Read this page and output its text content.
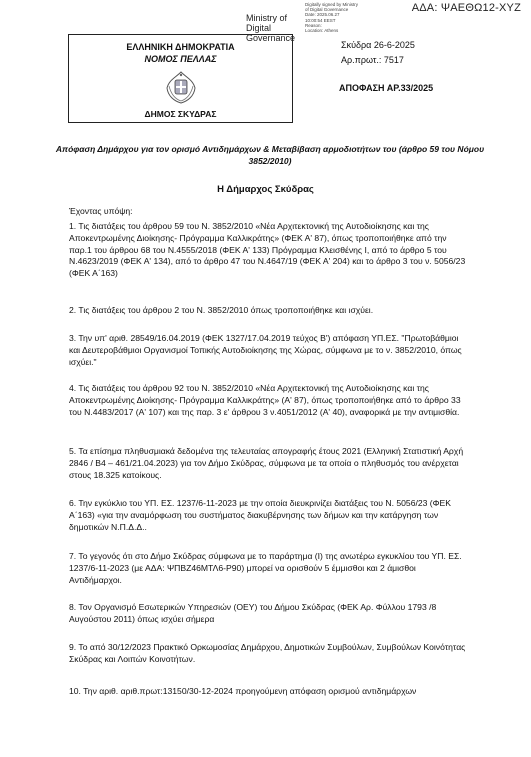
Ministry of
Digital
Governance
Digitally signed by Ministry
of Digital Governance
Date: 2025.06.27
10:00:54 EEST
Reason:
Location: Athens
ΑΔΑ: ΨΑΕΘΩ12-ΧΥΖ
ΕΛΛΗΝΙΚΗ ΔΗΜΟΚΡΑΤΙΑ
ΝΟΜΟΣ ΠΕΛΛΑΣ
ΔΗΜΟΣ ΣΚΥΔΡΑΣ
Σκύδρα 26-6-2025
Αρ.πρωτ.: 7517
ΑΠΟΦΑΣΗ ΑΡ.33/2025
Απόφαση Δημάρχου για τον ορισμό Αντιδημάρχων & Μεταβίβαση αρμοδιοτήτων του (άρθρο 59 του Νόμου 3852/2010)
Η Δήμαρχος Σκύδρας
Έχοντας υπόψη:
1. Τις διατάξεις του άρθρου 59 του Ν. 3852/2010 «Νέα Αρχιτεκτονική της Αυτοδιοίκησης και της Αποκεντρωμένης Διοίκησης- Πρόγραμμα Καλλικράτης» (ΦΕΚ Α' 87), όπως τροποποιήθηκε από την παρ.1 του άρθρου 68 του Ν.4555/2018 (ΦΕΚ Α' 133) Πρόγραμμα Κλεισθένης Ι, από το άρθρο 5 του Ν.4623/2019 (ΦΕΚ Α' 134), από το άρθρο 47 του Ν.4647/19 (ΦΕΚ Α' 204) και το άρθρο 3 του ν. 5056/23 (ΦΕΚ Α΄163)
2. Τις διατάξεις του άρθρου 2 του Ν. 3852/2010 όπως τροποποιήθηκε και ισχύει.
3. Την υπ' αριθ. 28549/16.04.2019 (ΦΕΚ 1327/17.04.2019 τεύχος Β') απόφαση ΥΠ.ΕΣ. "Πρωτοβάθμιοι και Δευτεροβάθμιοι Οργανισμοί Τοπικής Αυτοδιοίκησης της Χώρας, σύμφωνα με το ν. 3852/2010, όπως ισχύει."
4. Τις διατάξεις του άρθρου 92 του Ν. 3852/2010 «Νέα Αρχιτεκτονική της Αυτοδιοίκησης και της Αποκεντρωμένης Διοίκησης- Πρόγραμμα Καλλικράτης» (Α' 87), όπως τροποποιήθηκε από το άρθρο 33 του Ν.4483/2017 (Α' 107) και της παρ. 3 ε' άρθρου 3 ν.4051/2012 (Α' 40), αναφορικά με την αντιμισθία.
5. Τα επίσημα πληθυσμιακά δεδομένα της τελευταίας απογραφής έτους 2021 (Ελληνική Στατιστική Αρχή 2846 / Β4 – 461/21.04.2023) για τον Δήμο Σκύδρας, σύμφωνα με τα οποία ο πληθυσμός του ανέρχεται στους 18.325 κατοίκους.
6. Την εγκύκλιο του ΥΠ. ΕΣ. 1237/6-11-2023 με την οποία διευκρινίζει διατάξεις του Ν. 5056/23 (ΦΕΚ Α΄163) «για την αναμόρφωση του συστήματος διακυβέρνησης των δήμων και την κατάργηση των δημοτικών Ν.Π.Δ.Δ..
7. Το γεγονός ότι στο Δήμο Σκύδρας σύμφωνα με το παράρτημα (Ι) της ανωτέρω εγκυκλίου του ΥΠ. ΕΣ. 1237/6-11-2023 (με ΑΔΑ: ΨΠΒΖ46ΜΤΛ6-Ρ90) μπορεί να ορισθούν 5 έμμισθοι και 2 άμισθοι Αντιδήμαρχοι.
8. Τον Οργανισμό Εσωτερικών Υπηρεσιών (ΟΕΥ) του Δήμου Σκύδρας (ΦΕΚ Αρ. Φύλλου 1793 /8 Αυγούστου 2011) όπως ισχύει σήμερα
9. Το από 30/12/2023 Πρακτικό Ορκωμοσίας Δημάρχου, Δημοτικών Συμβούλων, Συμβούλων Κοινότητας Σκύδρας και Λοιπών Κοινοτήτων.
10. Την αριθ. αριθ.πρωτ:13150/30-12-2024 προηγούμενη απόφαση ορισμού αντιδημάρχων
